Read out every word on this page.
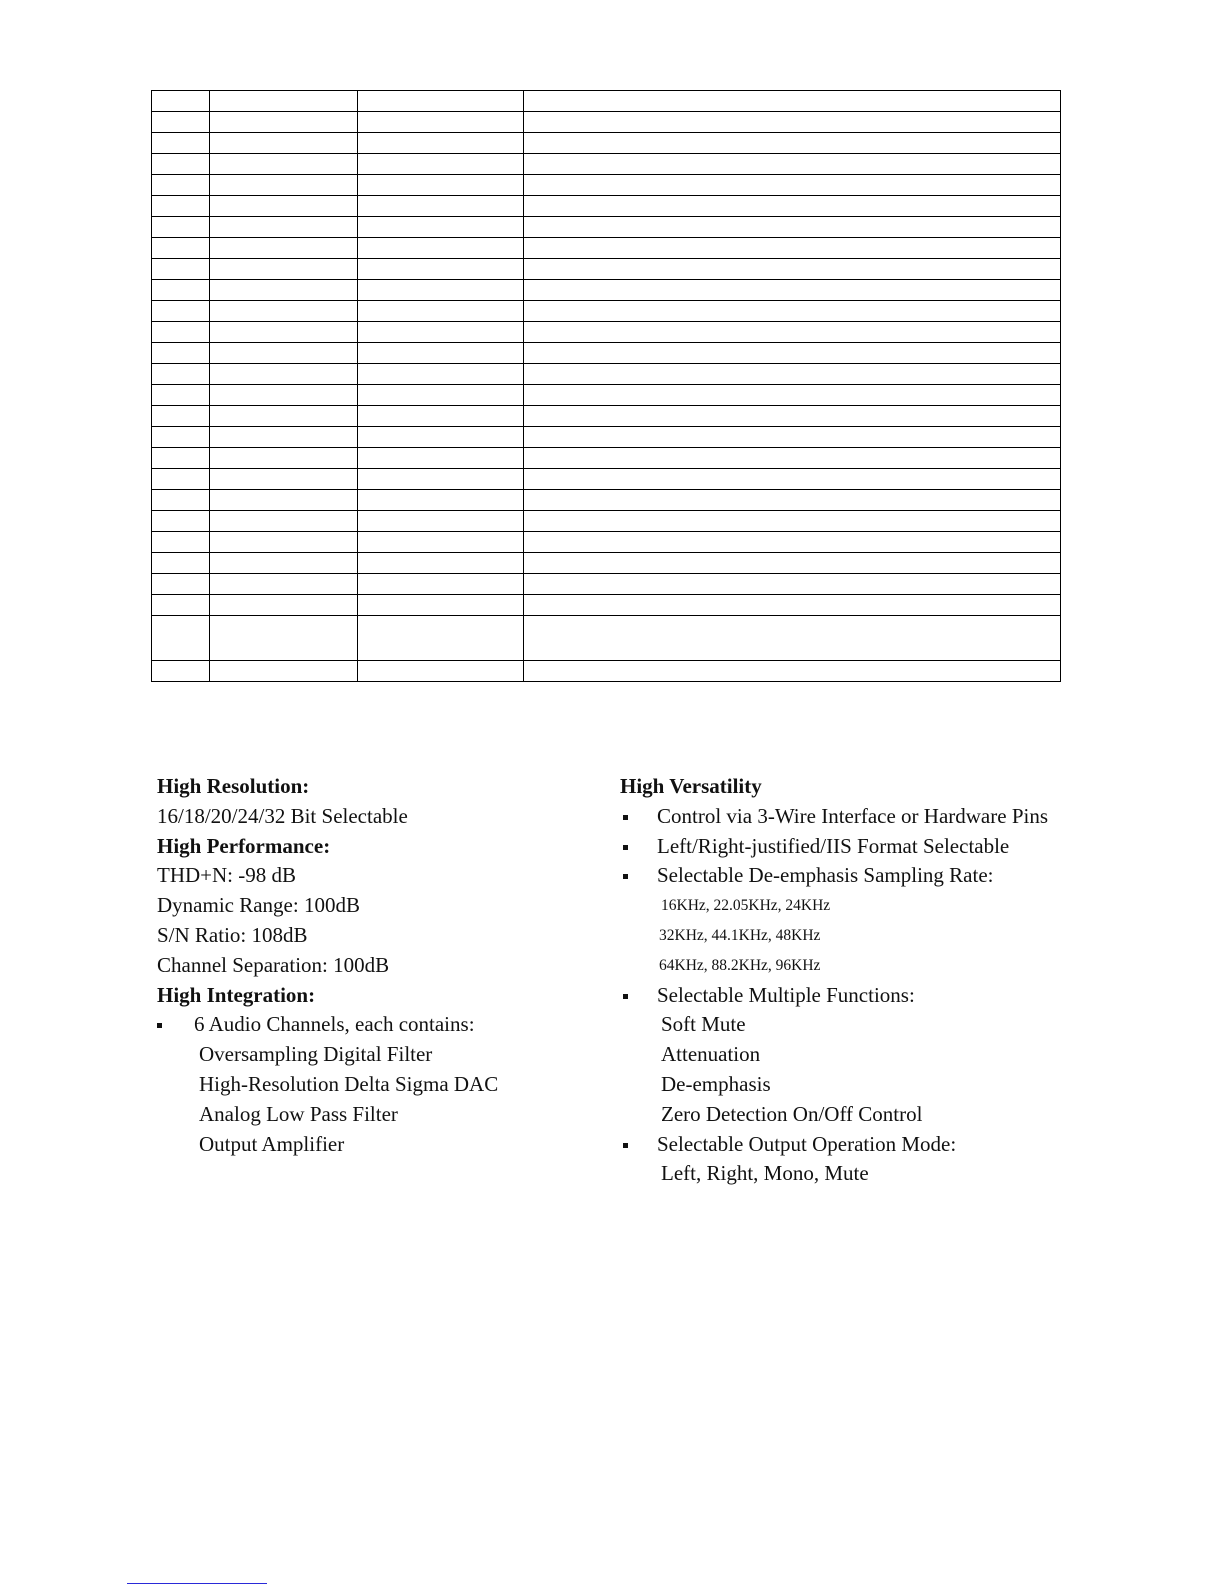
High Resolution:
16/18/20/24/32 Bit Selectable
High Performance:
THD+N: -98 dB
Dynamic Range: 100dB
S/N Ratio: 108dB
Channel Separation: 100dB
High Integration:
6 Audio Channels, each contains:
Oversampling Digital Filter
High-Resolution Delta Sigma DAC
Analog Low Pass Filter
Output Amplifier
High Versatility
Control via 3-Wire Interface or Hardware Pins
Left/Right-justified/IIS Format Selectable
Selectable De-emphasis Sampling Rate:
16KHz, 22.05KHz, 24KHz
32KHz, 44.1KHz, 48KHz
64KHz, 88.2KHz, 96KHz
Selectable Multiple Functions:
Soft Mute
Attenuation
De-emphasis
Zero Detection On/Off Control
Selectable Output Operation Mode:
Left, Right, Mono, Mute
